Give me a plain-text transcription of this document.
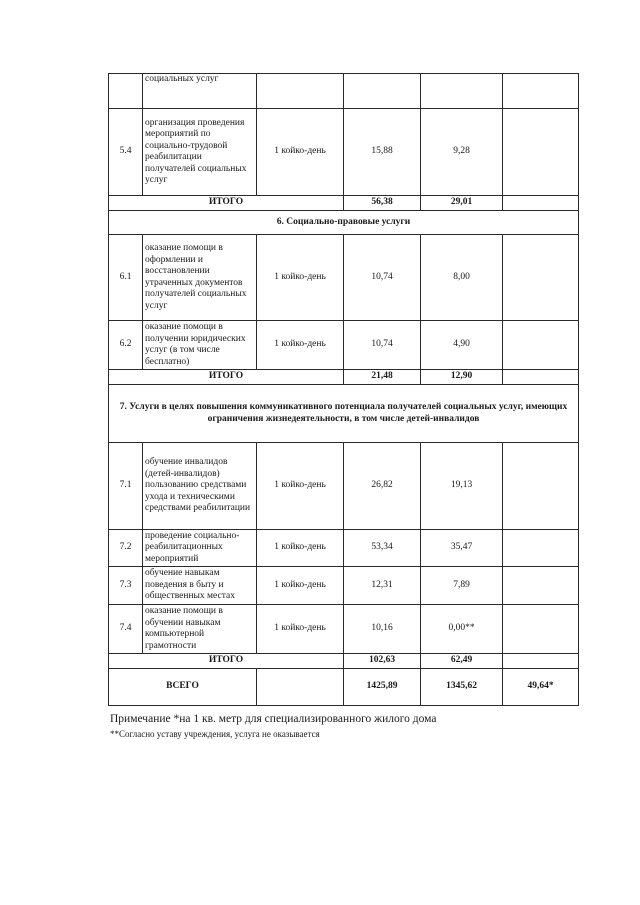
	социальных услуг				
5.4	организация проведения мероприятий по социально-трудовой реабилитации получателей социальных услуг	1 койко-день	15,88	9,28	
ИТОГО			56,38	29,01	
6. Социально-правовые услуги					
6.1	оказание помощи в оформлении и восстановлении утраченных документов получателей социальных услуг	1 койко-день	10,74	8,00	
6.2	оказание помощи в получении юридических услуг (в том числе бесплатно)	1 койко-день	10,74	4,90	
ИТОГО			21,48	12,90	
7. Услуги в целях повышения коммуникативного потенциала получателей социальных услуг, имеющих ограничения жизнедеятельности, в том числе детей-инвалидов					
7.1	обучение инвалидов (детей-инвалидов) пользованию средствами ухода и техническими средствами реабилитации	1 койко-день	26,82	19,13	
7.2	проведение социально-реабилитационных мероприятий	1 койко-день	53,34	35,47	
7.3	обучение навыкам поведения в быту и общественных местах	1 койко-день	12,31	7,89	
7.4	оказание помощи в обучении навыкам компьютерной грамотности	1 койко-день	10,16	0,00**	
ИТОГО			102,63	62,49	
ВСЕГО			1425,89	1345,62	49,64*
Примечание *на 1 кв. метр для специализированного жилого дома
**Согласно уставу учреждения, услуга не оказывается
